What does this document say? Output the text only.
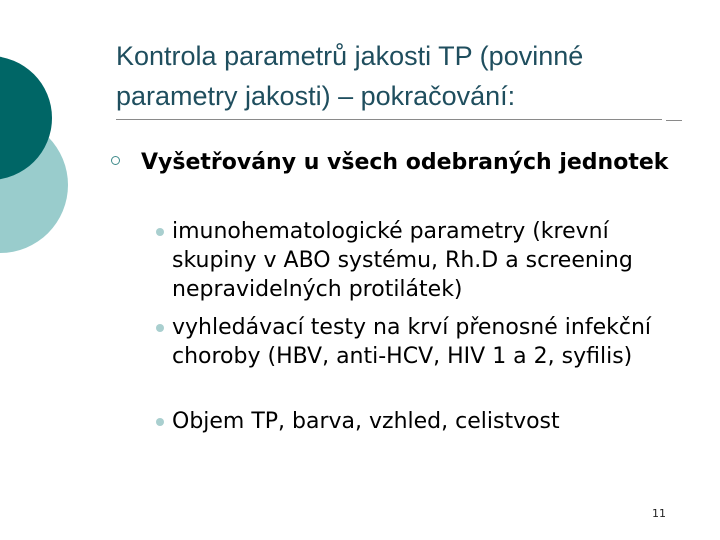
Kontrola parametrů jakosti TP (povinné parametry jakosti) – pokračování:
Vyšetřovány u všech odebraných jednotek
imunohematologické parametry (krevní skupiny v ABO systému, Rh.D a screening nepravidelných protilátek)
vyhledávací testy na krví přenosné infekční choroby (HBV, anti-HCV, HIV 1 a 2, syfilis)
Objem TP, barva, vzhled, celistvost
11
